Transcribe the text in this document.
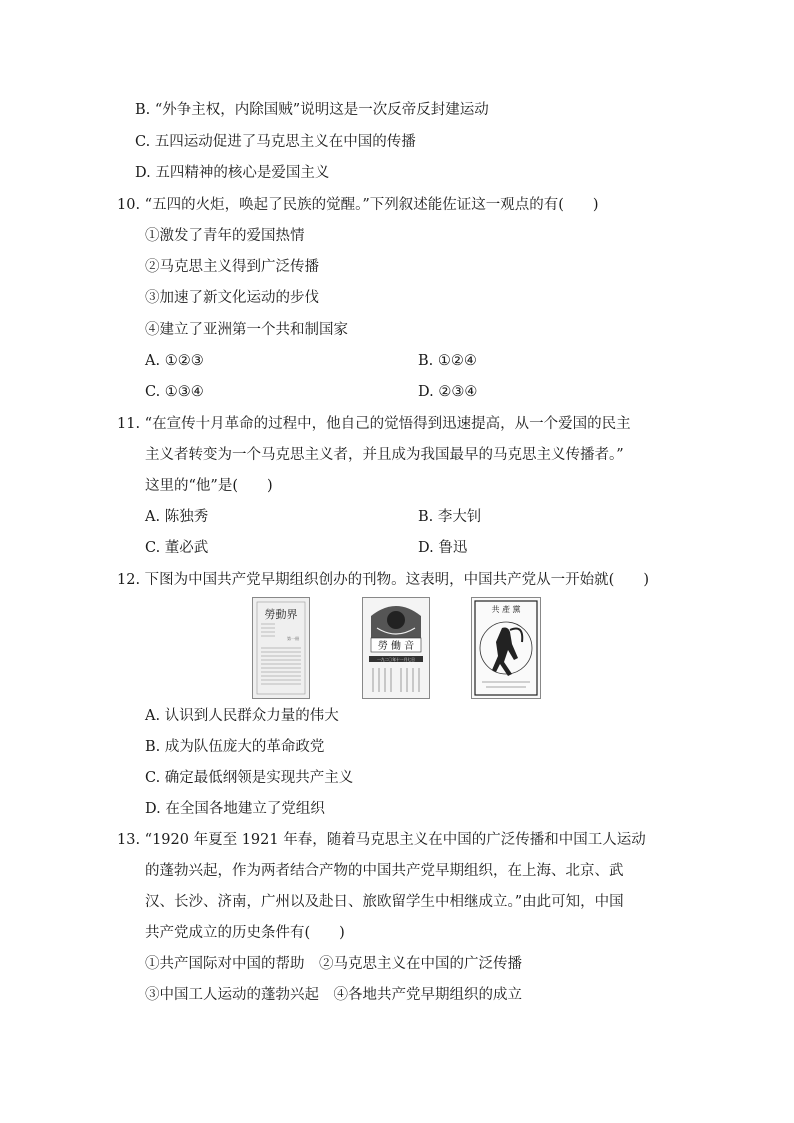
B. “外争主权，内除国贼”说明这是一次反帝反封建运动
C. 五四运动促进了马克思主义在中国的传播
D. 五四精神的核心是爱国主义
10. “五四的火炬，唤起了民族的觉醒。”下列叙述能佐证这一观点的有(　　)
①激发了青年的爱国热情
②马克思主义得到广泛传播
③加速了新文化运动的步伐
④建立了亚洲第一个共和制国家
A. ①②③	B. ①②④
C. ①③④	D. ②③④
11. “在宣传十月革命的过程中，他自己的觉悟得到迅速提高，从一个爱国的民主
主义者转变为一个马克思主义者，并且成为我国最早的马克思主义传播者。”
这里的“他”是(　　)
A. 陈独秀	B. 李大钊
C. 董必武	D. 鲁迅
12. 下图为中国共产党早期组织创办的刊物。这表明，中国共产党从一开始就(　　)
勞動界
第一冊
勞 働 音
一九二〇年十一月七日
共 產 黨
A. 认识到人民群众力量的伟大
B. 成为队伍庞大的革命政党
C. 确定最低纲领是实现共产主义
D. 在全国各地建立了党组织
13. “1920 年夏至 1921 年春，随着马克思主义在中国的广泛传播和中国工人运动
的蓬勃兴起，作为两者结合产物的中国共产党早期组织，在上海、北京、武
汉、长沙、济南，广州以及赴日、旅欧留学生中相继成立。”由此可知，中国
共产党成立的历史条件有(　　)
①共产国际对中国的帮助　②马克思主义在中国的广泛传播
③中国工人运动的蓬勃兴起　④各地共产党早期组织的成立
